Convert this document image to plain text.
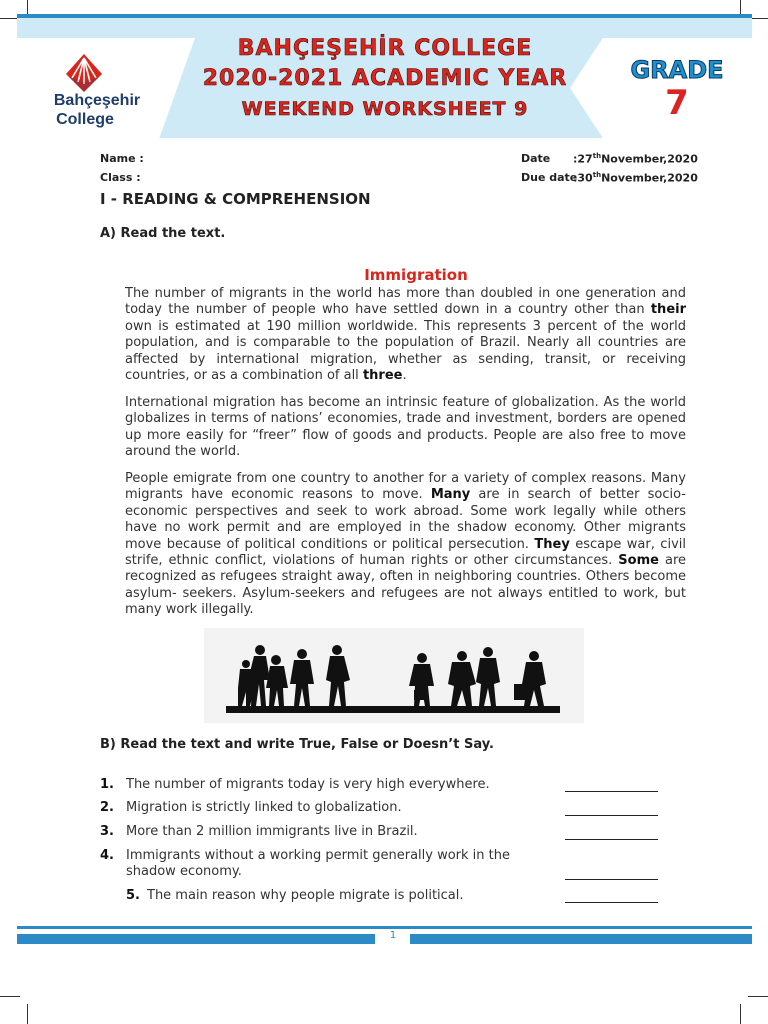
Bahçeşehir
College
BAHÇEŞEHİR COLLEGE
2020-2021 ACADEMIC YEAR
WEEKEND WORKSHEET 9
GRADE
7
Name :
Class :
Date :27thNovember,2020
Due date
:30thNovember,2020
I - READING & COMPREHENSION
A) Read the text.
Immigration
The number of migrants in the world has more than doubled in one generation and today the number of people who have settled down in a country other than their own is estimated at 190 million worldwide. This represents 3 percent of the world population, and is comparable to the population of Brazil. Nearly all countries are affected by international migration, whether as sending, transit, or receiving countries, or as a combination of all three.
International migration has become an intrinsic feature of globalization. As the world globalizes in terms of nations’ economies, trade and investment, borders are opened up more easily for “freer” flow of goods and products. People are also free to move around the world.
People emigrate from one country to another for a variety of complex reasons. Many migrants have economic reasons to move. Many are in search of better socio-economic perspectives and seek to work abroad. Some work legally while others have no work permit and are employed in the shadow economy. Other migrants move because of political conditions or political persecution. They escape war, civil strife, ethnic conflict, violations of human rights or other circumstances. Some are recognized as refugees straight away, often in neighboring countries. Others become asylum- seekers. Asylum-seekers and refugees are not always entitled to work, but many work illegally.
B) Read the text and write True, False or Doesn’t Say.
1. The number of migrants today is very high everywhere.
2. Migration is strictly linked to globalization.
3. More than 2 million immigrants live in Brazil.
4. Immigrants without a working permit generally work in the shadow economy.
5. The main reason why people migrate is political.
1
